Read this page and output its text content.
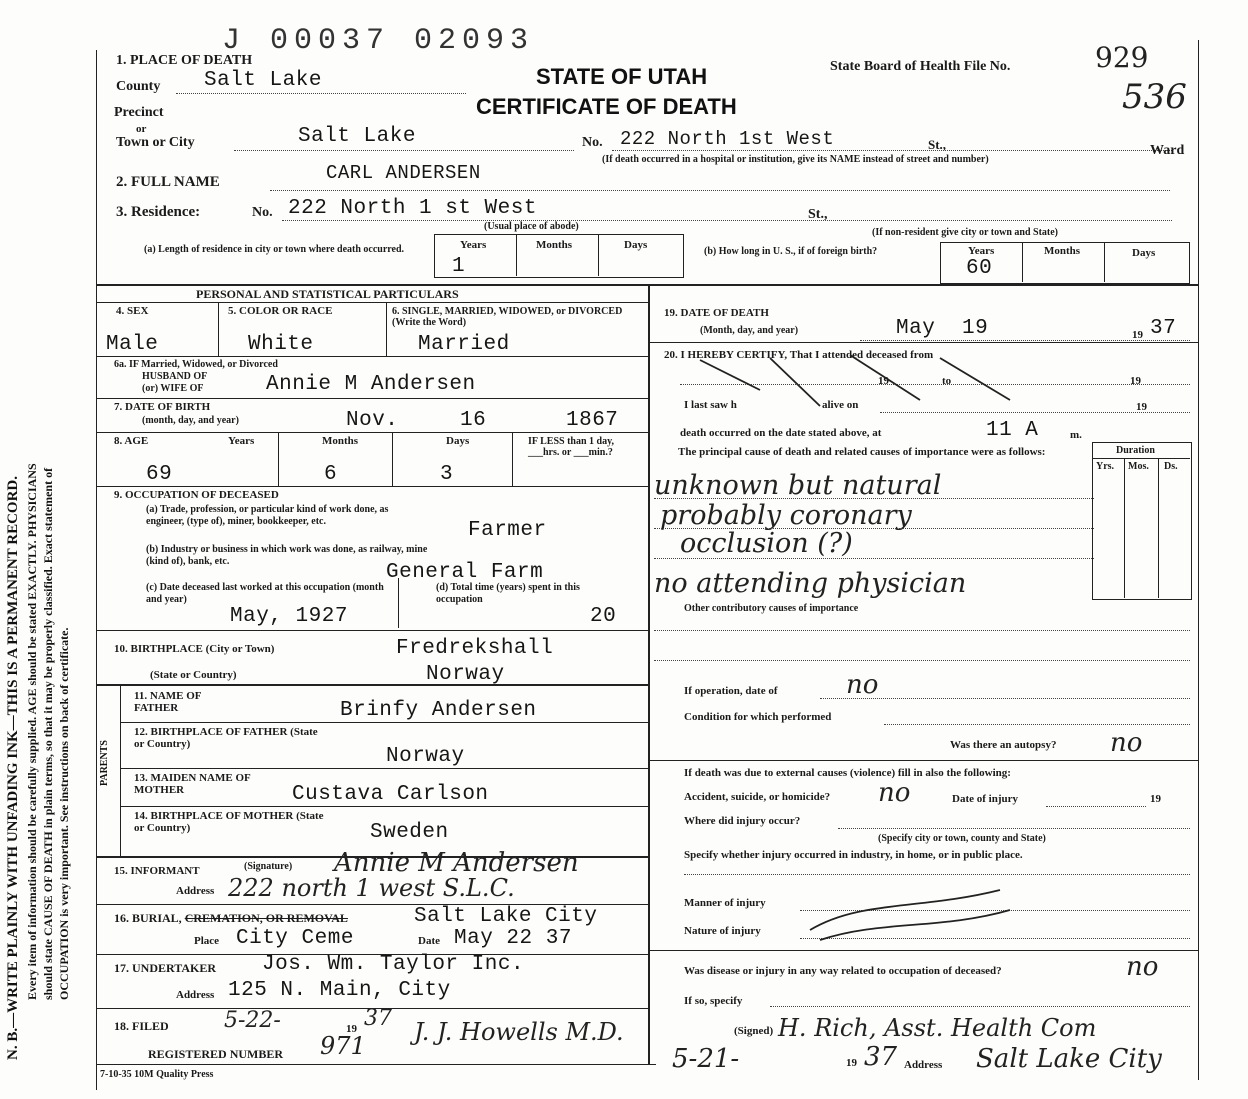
N. B.—WRITE PLAINLY WITH UNFADING INK—THIS IS A PERMANENT RECORD. Every item of information should be carefully supplied. AGE should be stated EXACTLY. PHYSICIANS should state CAUSE OF DEATH in plain terms, so that it may be properly classified. Exact statement of OCCUPATION is very important. See instructions on back of certificate.
J 00037 02093
STATE OF UTAH
CERTIFICATE OF DEATH
State Board of Health File No.	929
536
1. PLACE OF DEATH
County Salt Lake
Precinct
or
Town or City	Salt Lake	No. 222 North 1st West	St.,	Ward
(If death occurred in a hospital or institution, give its NAME instead of street and number)
2. FULL NAME	CARL ANDERSEN
3. Residence:	No. 222 North 1 st West	St.,
(Usual place of abode)
(If non-resident give city or town and State)
(a) Length of residence in city or town where death occurred.	Years	Months	Days
1
(b) How long in U. S., if of foreign birth?	Years	Months	Days
60
PERSONAL AND STATISTICAL PARTICULARS
4. SEX	5. COLOR OR RACE	6. SINGLE, MARRIED, WIDOWED, or DIVORCED (Write the Word)
Male	White	Married
6a. IF Married, Widowed, or Divorced
HUSBAND OF
(or) WIFE OF	Annie M Andersen
7. DATE OF BIRTH
(month, day, and year)	Nov.	16	1867
8. AGE	Years	Months	Days	IF LESS than 1 day, ___hrs. or ___min.?
69	6	3
9. OCCUPATION OF DECEASED
(a) Trade, profession, or particular kind of work done, as engineer, (type of), miner, bookkeeper, etc.	Farmer
(b) Industry or business in which work was done, as railway, mine (kind of), bank, etc.	General Farm
(c) Date deceased last worked at this occupation (month and year)
May, 1927
(d) Total time (years) spent in this occupation
20
10. BIRTHPLACE (City or Town)	Fredrekshall
(State or Country)	Norway
PARENTS
11. NAME OF FATHER	Brinfy Andersen
12. BIRTHPLACE OF FATHER (State or Country)
Norway
13. MAIDEN NAME OF MOTHER	Custava Carlson
14. BIRTHPLACE OF MOTHER (State or Country)	Sweden
15. INFORMANT	(Signature) Annie M Andersen
Address 222 north 1 west S.L.C.
16. BURIAL, CREMATION, OR REMOVAL	Salt Lake City
Place City Ceme	Date May 22 37
17. UNDERTAKER Jos. Wm. Taylor Inc.
Address 125 N. Main, City
18. FILED	5-22-	19 37 J. J. Howells M.D.
REGISTERED NUMBER 971
7-10-35 10M Quality Press
19. DATE OF DEATH
(Month, day, and year)	May 19	19 37
20. I HEREBY CERTIFY, That I attended deceased from
19	to	19
I last saw h	alive on	19
death occurred on the date stated above, at	11 A	m.
The principal cause of death and related causes of importance were as follows:	Duration
Yrs. Mos. Ds.
unknown but natural
probably coronary
occlusion (?)
no attending physician
Other contributory causes of importance
If operation, date of	no
Condition for which performed
Was there an autopsy? no
If death was due to external causes (violence) fill in also the following:
Accident, suicide, or homicide? no	Date of injury	19
Where did injury occur?
(Specify city or town, county and State)
Specify whether injury occurred in industry, in home, or in public place.
Manner of injury
Nature of injury
Was disease or injury in any way related to occupation of deceased?	no
If so, specify
(Signed) H. Rich, Asst. Health Com
5-21-	19 37 Address Salt Lake City
